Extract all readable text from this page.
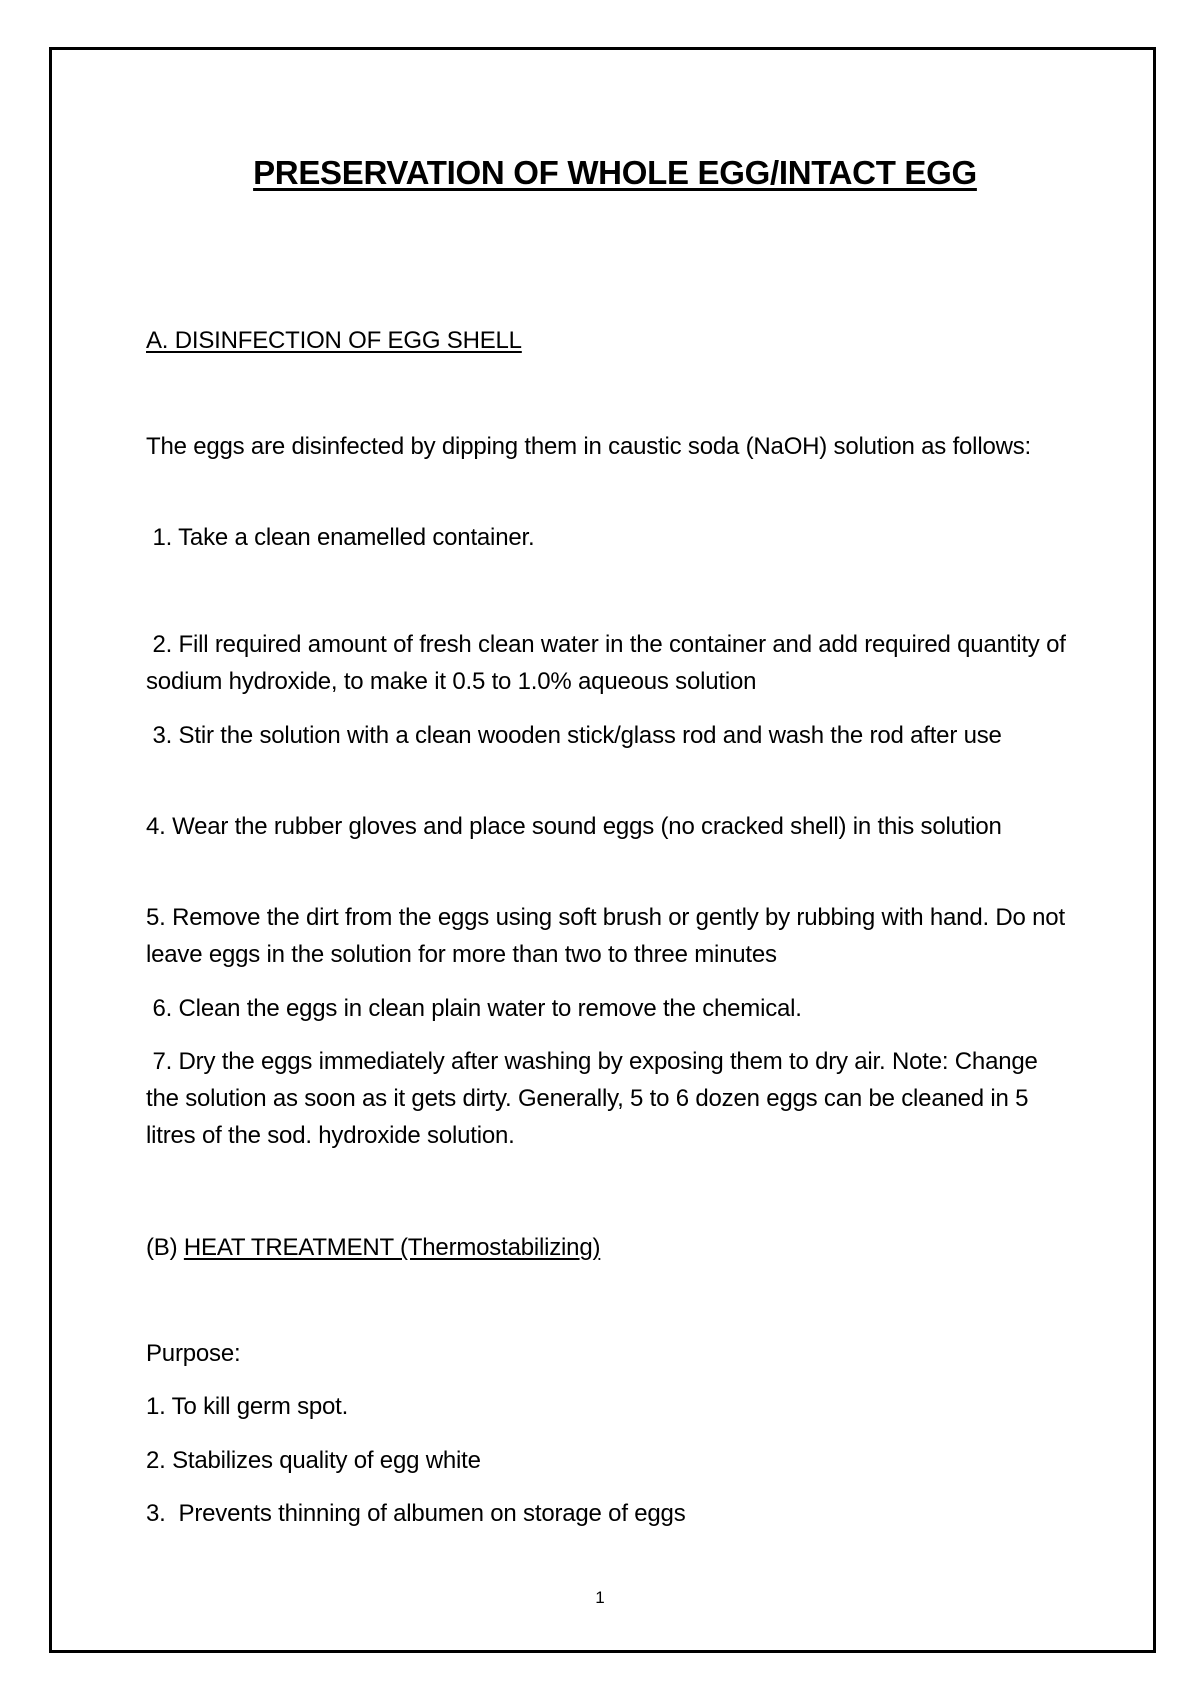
PRESERVATION OF WHOLE EGG/INTACT EGG
A. DISINFECTION OF EGG SHELL
The eggs are disinfected by dipping them in caustic soda (NaOH) solution as follows:
1. Take a clean enamelled container.
2. Fill required amount of fresh clean water in the container and add required quantity of sodium hydroxide, to make it 0.5 to 1.0% aqueous solution
3. Stir the solution with a clean wooden stick/glass rod and wash the rod after use
4. Wear the rubber gloves and place sound eggs (no cracked shell) in this solution
5. Remove the dirt from the eggs using soft brush or gently by rubbing with hand. Do not leave eggs in the solution for more than two to three minutes
6. Clean the eggs in clean plain water to remove the chemical.
7. Dry the eggs immediately after washing by exposing them to dry air. Note: Change the solution as soon as it gets dirty. Generally, 5 to 6 dozen eggs can be cleaned in 5 litres of the sod. hydroxide solution.
(B) HEAT TREATMENT (Thermostabilizing)
Purpose:
1. To kill germ spot.
2. Stabilizes quality of egg white
3.  Prevents thinning of albumen on storage of eggs
1
